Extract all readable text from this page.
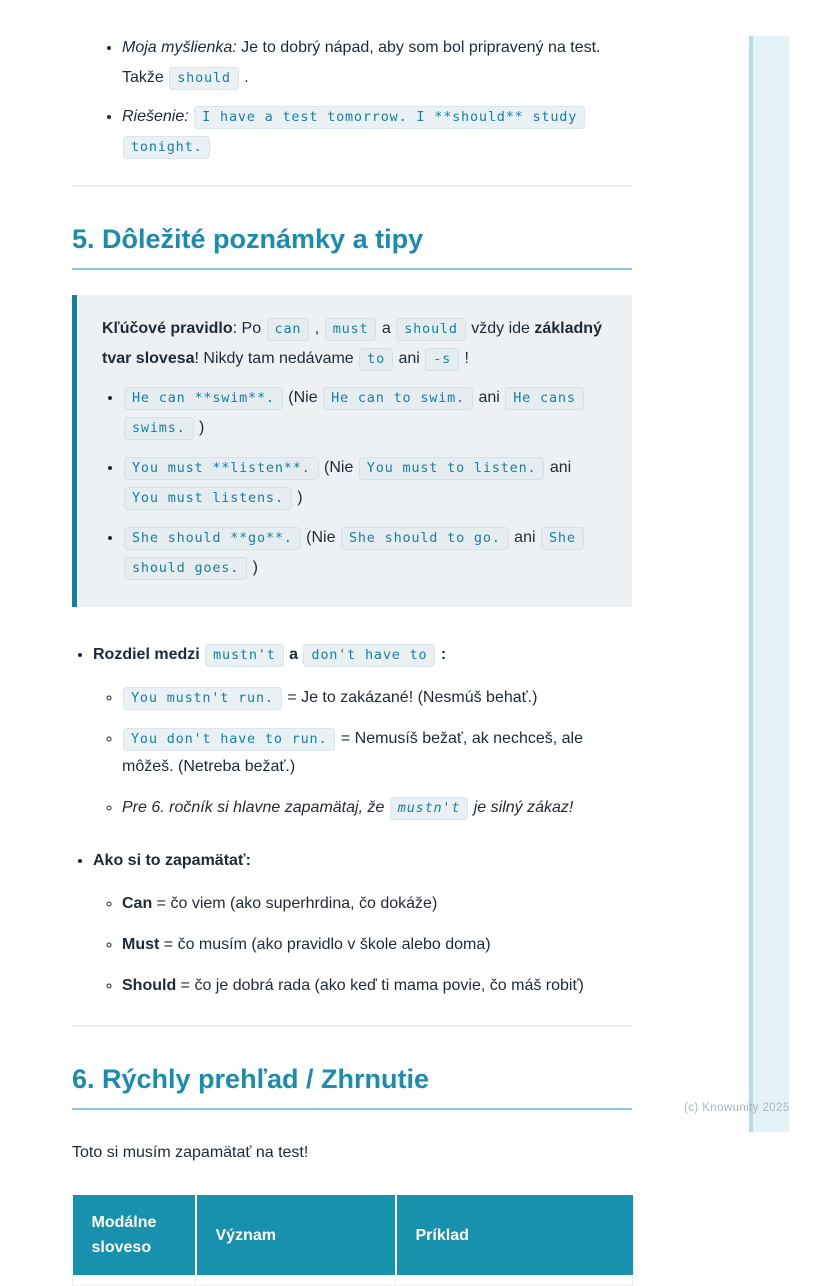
• Moja myšlienka: Je to dobrý nápad, aby som bol pripravený na test. Takže should .
• Riešenie: I have a test tomorrow. I **should** study tonight.
5. Dôležité poznámky a tipy

Kľúčové pravidlo: Po can , must a should vždy ide základný tvar slovesa! Nikdy tam nedávame to ani -s !

• He can **swim**. (Nie He can to swim. ani He cans swims. )
• You must **listen**. (Nie You must to listen. ani You must listens. )
• She should **go**. (Nie She should to go. ani She should goes. )
• Rozdiel medzi mustn't a don't have to :
◦ You mustn't run. = Je to zakázané! (Nesmúš behať.)
◦ You don't have to run. = Nemusíš bežať, ak nechceš, ale môžeš. (Netreba bežať.)
◦ Pre 6. ročník si hlavne zapamätaj, že mustn't je silný zákaz!
• Ako si to zapamätať:
◦ Can = čo viem (ako superhrdina, čo dokáže)
◦ Must = čo musím (ako pravidlo v škole alebo doma)
◦ Should = čo je dobrá rada (ako keď ti mama povie, čo máš robiť)
6. Rýchly prehľad / Zhrnutie

Toto si musím zapamätať na test!

Modálne sloveso	Význam	Príklad

(c) Knowunity 2025
